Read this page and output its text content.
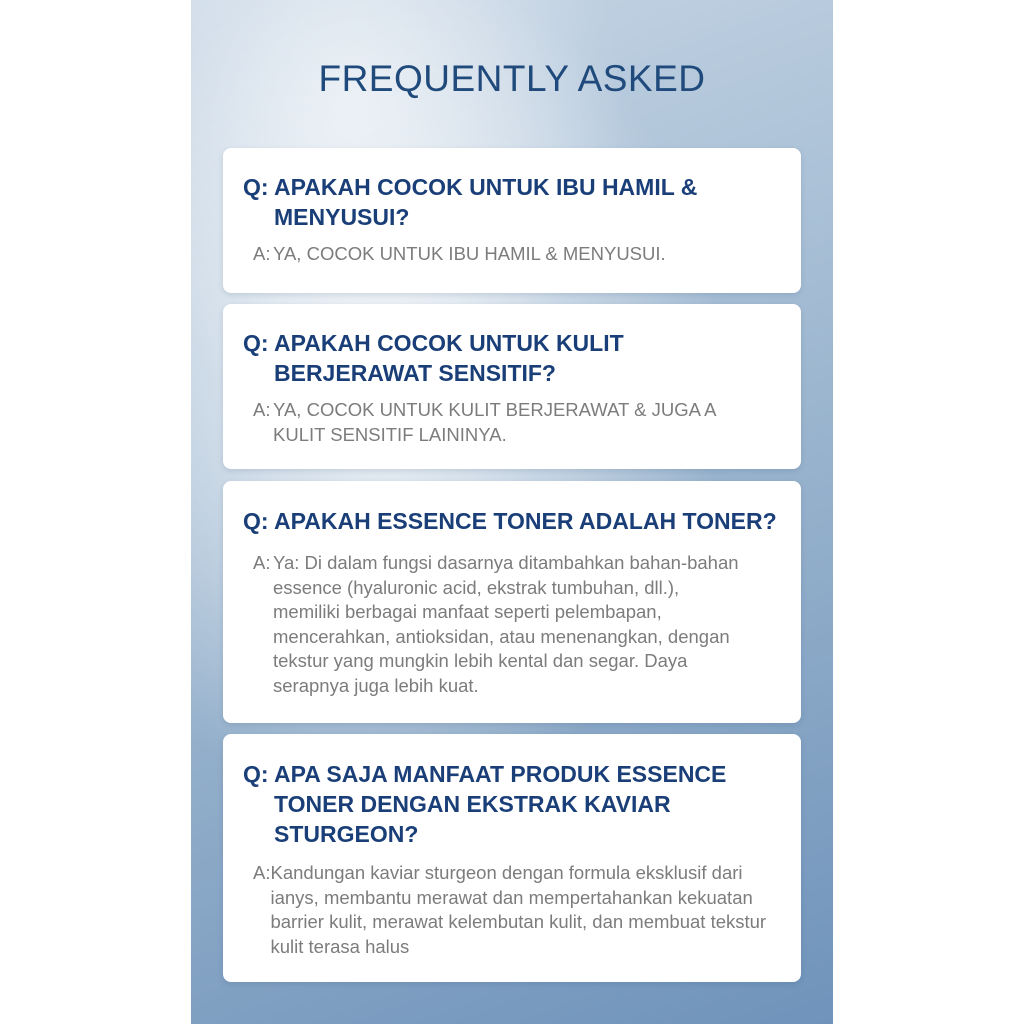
FREQUENTLY ASKED
Q: APAKAH COCOK UNTUK IBU HAMIL & MENYUSUI?
A: YA, COCOK UNTUK IBU HAMIL & MENYUSUI.
Q: APAKAH COCOK UNTUK KULIT BERJERAWAT SENSITIF?
A: YA, COCOK UNTUK KULIT BERJERAWAT & JUGA A KULIT SENSITIF LAININYA.
Q: APAKAH ESSENCE TONER ADALAH TONER?
A: Ya: Di dalam fungsi dasarnya ditambahkan bahan-bahan essence (hyaluronic acid, ekstrak tumbuhan, dll.), memiliki berbagai manfaat seperti pelembapan, mencerahkan, antioksidan, atau menenangkan, dengan tekstur yang mungkin lebih kental dan segar. Daya serapnya juga lebih kuat.
Q: APA SAJA MANFAAT PRODUK ESSENCE TONER DENGAN EKSTRAK KAVIAR STURGEON?
A: Kandungan kaviar sturgeon dengan formula eksklusif dari ianys, membantu merawat dan mempertahankan kekuatan barrier kulit, merawat kelembutan kulit, dan membuat tekstur kulit terasa halus
